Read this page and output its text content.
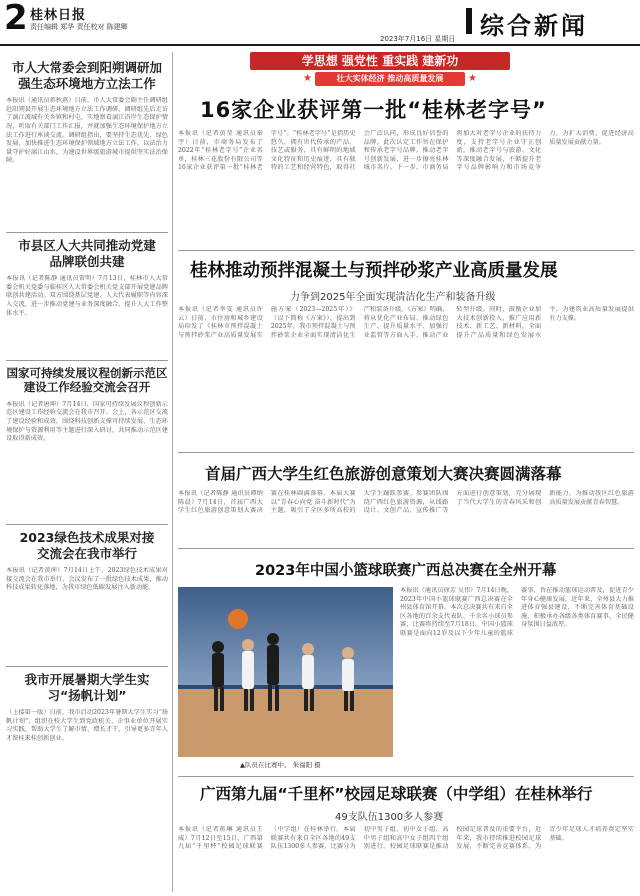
2 桂林日报
责任编辑 郑华 责任校对 陈建卿
2023年7月16日 星期日 综合新闻
市人大常委会到阳朔调研加强生态环境地方立法工作
本报讯（通讯员蒋秋燕）日前，市人大常委会副主任调研组赴阳朔县开展生态环境地方立法工作调研，调研组先后走访了漓江流域有关乡镇和村屯，实地察看漓江沿岸生态保护情况，听取有关部门工作汇报，并就加强生态环境保护地方立法工作进行座谈交流。调研组指出，要坚持生态优先、绿色发展，加快推进生态环境保护领域地方立法工作，以法治力量守护好漓江山水，为建设世界级旅游城市提供坚实法治保障。
市县区人大共同推动党建品牌联创共建
本报讯（记者陈静 通讯员雷明）7月13日，桂林市人大常委会机关党委与临桂区人大常委会机关党支部开展党建品牌联创共建活动。双方围绕基层党建、人大代表履职等内容深入交流，进一步推动党建与业务深度融合，提升人大工作整体水平。
国家可持续发展议程创新示范区建设工作经验交流会召开
本报讯（记者唐坤）7月14日，国家可持续发展议程创新示范区建设工作经验交流会在我市召开。会上，各示范区交流了建设经验和成效，围绕科技创新支撑可持续发展、生态环境保护与资源利用等主题进行深入研讨，共同推动示范区建设取得新成效。
2023绿色技术成果对接交流会在我市举行
本报讯（记者黄坤）7月14日上午，2023绿色技术成果对接交流会在我市举行，会议发布了一批绿色技术成果，推动科技成果转化落地，为我市绿色低碳发展注入新动能。
我市开展暑期大学生实习“扬帆计划”
（上接第一版）日前，我市启动2023年暑期大学生实习“扬帆计划”，组织在校大学生到党政机关、企事业单位开展实习实践，帮助大学生了解市情、增长才干，引导更多青年人才留桂来桂创新创业。
学思想 强党性 重实践 建新功
★	壮大实体经济 推动高质量发展	★
16家企业获评第一批“桂林老字号”
本报讯（记者黄莹 通讯员秦宇）日前，市商务局发布了2022年“桂林老字号”企业名单，桂林三花股份有限公司等16家企业获评第一批“桂林老字号”。“桂林老字号”是指历史悠久，拥有世代传承的产品、技艺或服务，具有鲜明的地域文化特征和历史痕迹，具有独特的工艺和经营特色，取得社会广泛认同，形成良好信誉的品牌。此次认定工作旨在保护和传承老字号品牌，推动老字号创新发展，进一步擦亮桂林城市名片。下一步，市商务局将加大对老字号企业的扶持力度，支持老字号企业守正创新，推动老字号与旅游、文化等深度融合发展，不断提升老字号品牌影响力和市场竞争力，为扩大消费、促进经济高质量发展贡献力量。
桂林推动预拌混凝土与预拌砂浆产业高质量发展
力争到2025年全面实现清洁化生产和装备升级
本报讯（记者李雯 通讯员许云）日前，市住房和城乡建设局印发了《桂林市预拌混凝土与预拌砂浆产业高质量发展实施方案（2023—2025年）》（以下简称《方案》），提出到2025年，我市预拌混凝土与预拌砂浆企业全面实现清洁化生产和装备升级。《方案》明确，将从优化产业布局、推动绿色生产、提升质量水平、加强行业监管等方面入手，推动产业转型升级。同时，鼓励企业加大技术创新投入，推广应用新技术、新工艺、新材料，全面提升产品质量和绿色发展水平，为建筑业高质量发展提供有力支撑。
首届广西大学生红色旅游创意策划大赛决赛圆满落幕
本报讯（记者陈静 通讯员谭纳 陈晨）7月14日，首届广西大学生红色旅游创意策划大赛决赛在桂林圆满落幕。本届大赛以“青春心向党 奋斗新时代”为主题，吸引了全区多所高校的大学生踊跃参赛。参赛团队围绕广西红色旅游资源，从线路设计、文创产品、宣传推广等方面进行创意策划，充分展现了当代大学生的青春风采和创新能力，为推动我区红色旅游高质量发展贡献青春智慧。
2023年中国小篮球联赛广西总决赛在全州开幕
▲队员在比赛中。 朱福阳 摄
本报讯（通讯员徐芳 吴伟）7月14日晚，2023年中国小篮球联赛广西总决赛在全州县体育馆开幕。本次总决赛共有来自全区各地的百余支代表队、千余名小球员参赛，比赛将持续至7月18日。中国小篮球联赛是面向12岁及以下少年儿童的篮球赛事，旨在推动篮球运动普及，促进青少年身心健康发展。近年来，全州县大力推进体育强县建设，不断完善体育基础设施，积极承办各级各类体育赛事，全民健身氛围日益浓厚。
广西第九届“千里杯”校园足球联赛（中学组）在桂林举行
49支队伍1300多人参赛
本报讯（记者蒋琳 通讯员王威）7月12日至15日，广西第九届“千里杯”校园足球联赛（中学组）在桂林举行。本届联赛共有来自全区各地的49支队伍1300多人参赛，比赛分为初中男子组、初中女子组、高中男子组和高中女子组四个组别进行。校园足球联赛是推动校园足球普及的重要平台，近年来，我市持续推进校园足球发展，不断完善竞赛体系，为青少年足球人才培养奠定坚实基础。
